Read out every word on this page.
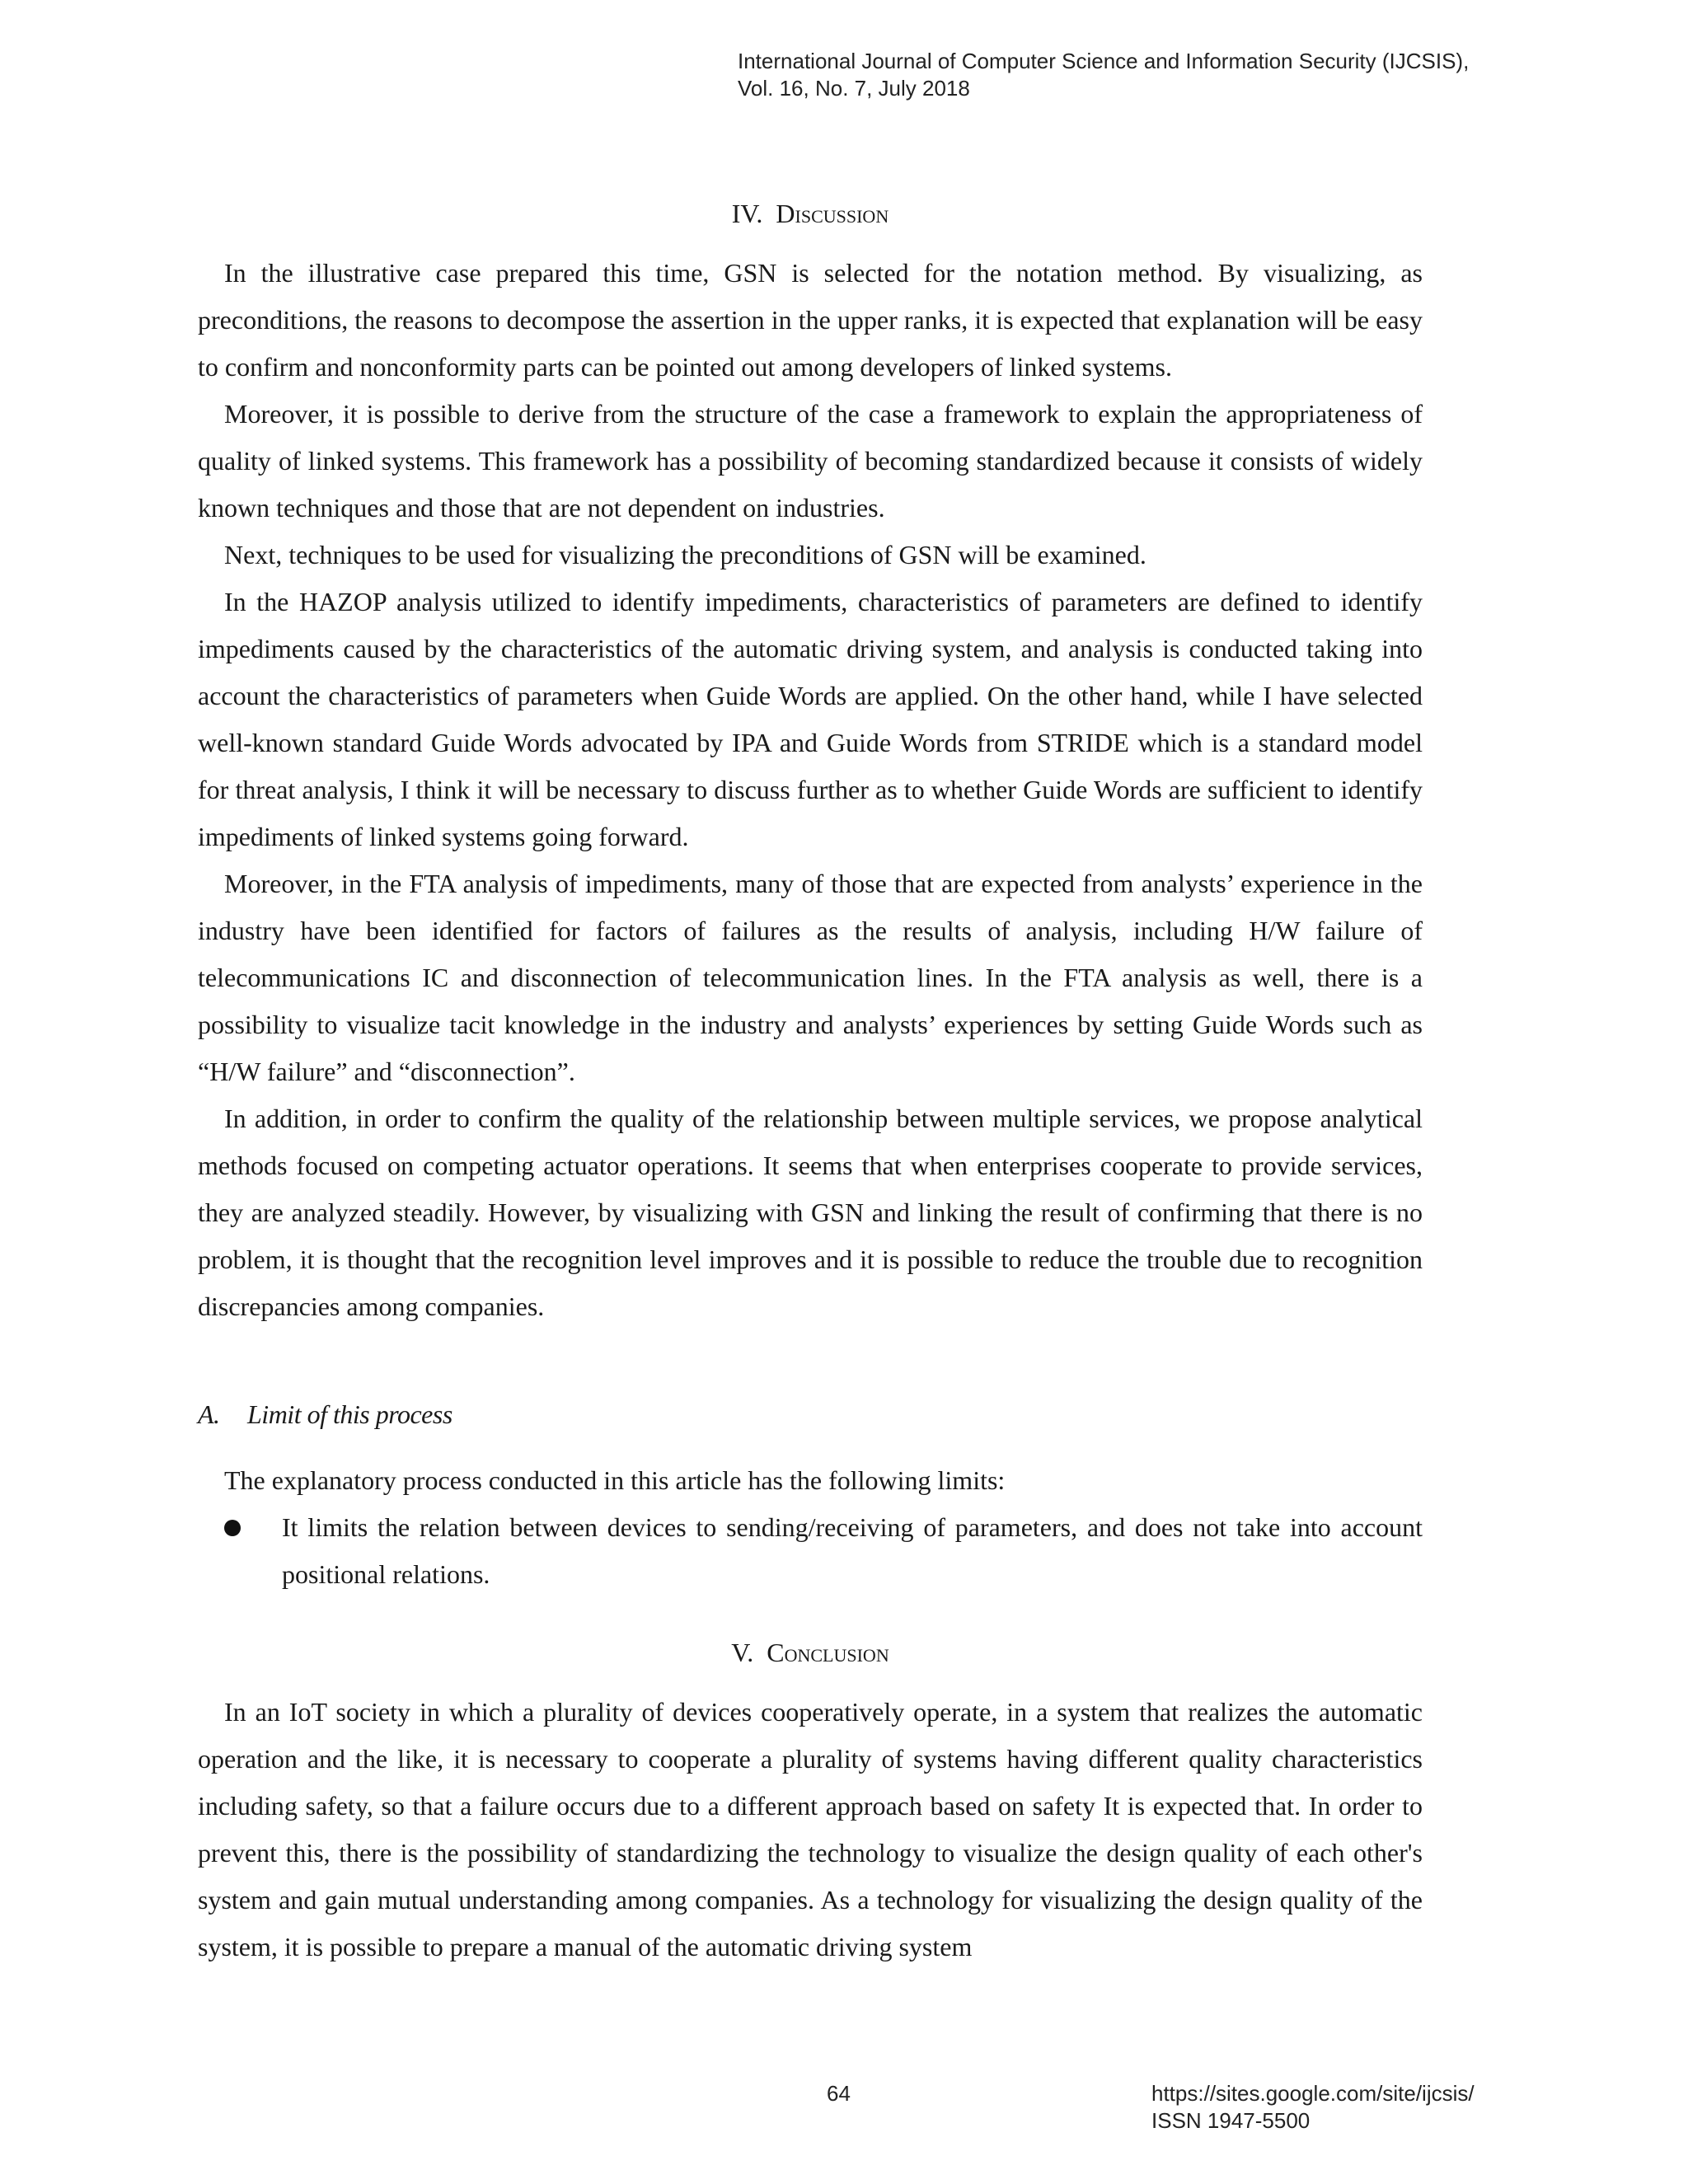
International Journal of Computer Science and Information Security (IJCSIS),
Vol. 16, No. 7, July 2018
IV. Discussion

In the illustrative case prepared this time, GSN is selected for the notation method. By visualizing, as preconditions, the reasons to decompose the assertion in the upper ranks, it is expected that explanation will be easy to confirm and nonconformity parts can be pointed out among developers of linked systems.

Moreover, it is possible to derive from the structure of the case a framework to explain the appropriateness of quality of linked systems. This framework has a possibility of becoming standardized because it consists of widely known techniques and those that are not dependent on industries.

Next, techniques to be used for visualizing the preconditions of GSN will be examined.

In the HAZOP analysis utilized to identify impediments, characteristics of parameters are defined to identify impediments caused by the characteristics of the automatic driving system, and analysis is conducted taking into account the characteristics of parameters when Guide Words are applied. On the other hand, while I have selected well-known standard Guide Words advocated by IPA and Guide Words from STRIDE which is a standard model for threat analysis, I think it will be necessary to discuss further as to whether Guide Words are sufficient to identify impediments of linked systems going forward.

Moreover, in the FTA analysis of impediments, many of those that are expected from analysts’ experience in the industry have been identified for factors of failures as the results of analysis, including H/W failure of telecommunications IC and disconnection of telecommunication lines. In the FTA analysis as well, there is a possibility to visualize tacit knowledge in the industry and analysts’ experiences by setting Guide Words such as “H/W failure” and “disconnection”.

In addition, in order to confirm the quality of the relationship between multiple services, we propose analytical methods focused on competing actuator operations. It seems that when enterprises cooperate to provide services, they are analyzed steadily. However, by visualizing with GSN and linking the result of confirming that there is no problem, it is thought that the recognition level improves and it is possible to reduce the trouble due to recognition discrepancies among companies.

A. Limit of this process

The explanatory process conducted in this article has the following limits:

It limits the relation between devices to sending/receiving of parameters, and does not take into account positional relations.
V. Conclusion

In an IoT society in which a plurality of devices cooperatively operate, in a system that realizes the automatic operation and the like, it is necessary to cooperate a plurality of systems having different quality characteristics including safety, so that a failure occurs due to a different approach based on safety It is expected that. In order to prevent this, there is the possibility of standardizing the technology to visualize the design quality of each other's system and gain mutual understanding among companies. As a technology for visualizing the design quality of the system, it is possible to prepare a manual of the automatic driving system

64	https://sites.google.com/site/ijcsis/
ISSN 1947-5500
